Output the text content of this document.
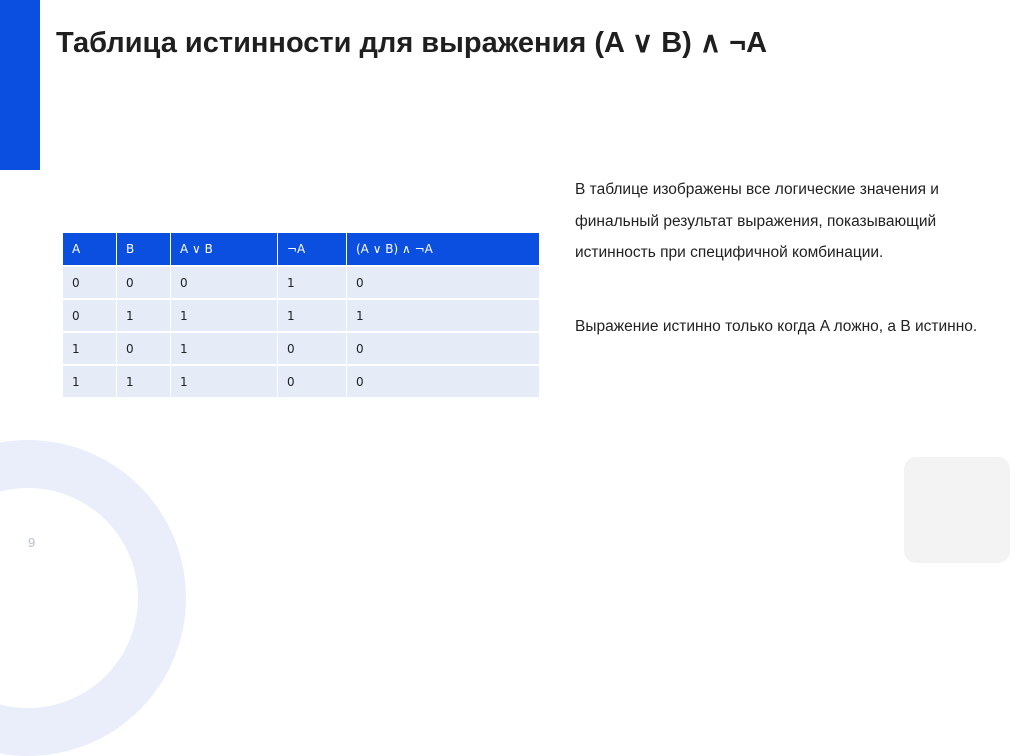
Таблица истинности для выражения (A ∨ B) ∧ ¬A
A	B	A ∨ B	¬A	(A ∨ B) ∧ ¬A
0	0	0	1	0
0	1	1	1	1
1	0	1	0	0
1	1	1	0	0

В таблице изображены все логические значения и финальный результат выражения, показывающий истинность при специфичной комбинации.

Выражение истинно только когда A ложно, а B истинно.

9
